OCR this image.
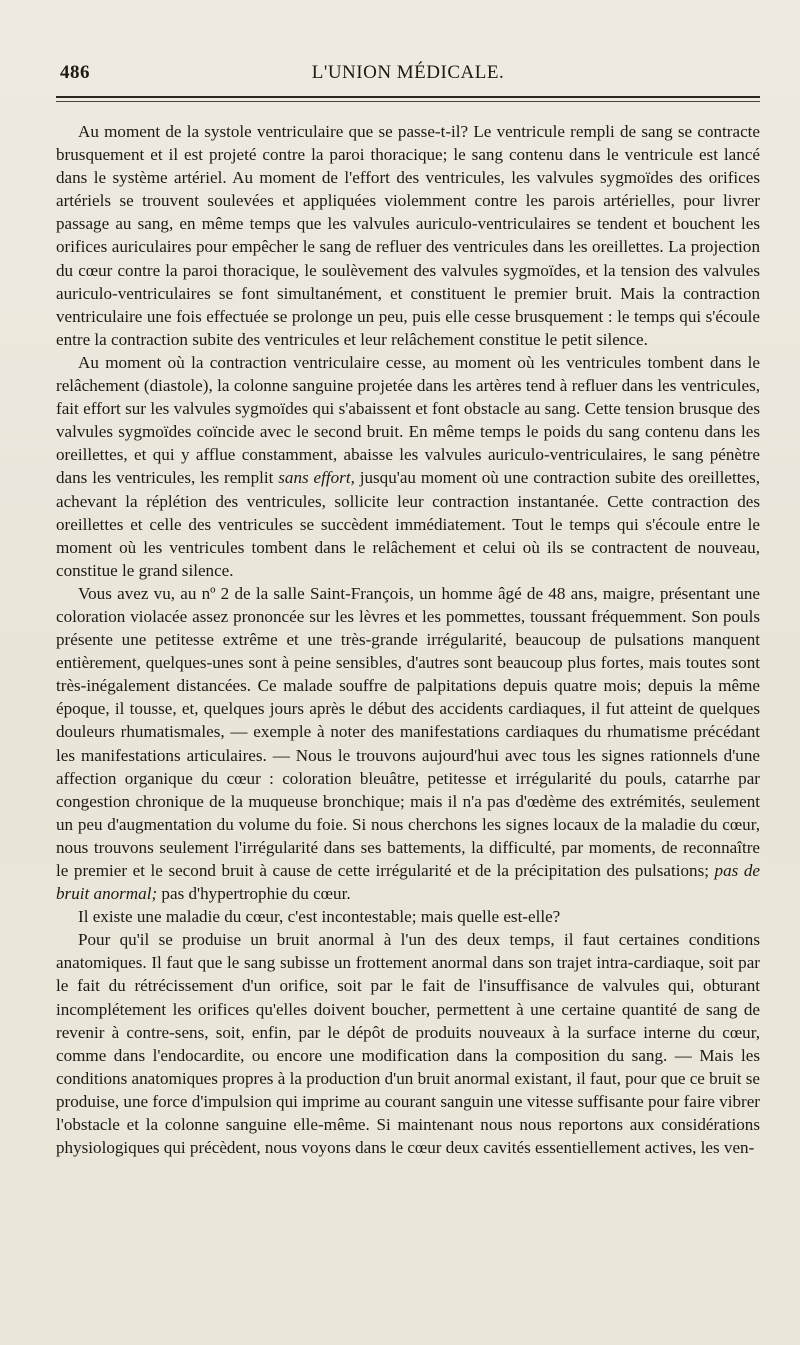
486	L'UNION MÉDICALE.

Au moment de la systole ventriculaire que se passe-t-il? Le ventricule rempli de sang se contracte brusquement et il est projeté contre la paroi thoracique; le sang contenu dans le ventricule est lancé dans le système artériel. Au moment de l'effort des ventricules, les valvules sygmoïdes des orifices artériels se trouvent soulevées et appliquées violemment contre les parois artérielles, pour livrer passage au sang, en même temps que les valvules auriculo-ventriculaires se tendent et bouchent les orifices auriculaires pour empêcher le sang de refluer des ventricules dans les oreillettes. La projection du cœur contre la paroi thoracique, le soulèvement des valvules sygmoïdes, et la tension des valvules auriculo-ventriculaires se font simultanément, et constituent le premier bruit. Mais la contraction ventriculaire une fois effectuée se prolonge un peu, puis elle cesse brusquement : le temps qui s'écoule entre la contraction subite des ventricules et leur relâchement constitue le petit silence.

Au moment où la contraction ventriculaire cesse, au moment où les ventricules tombent dans le relâchement (diastole), la colonne sanguine projetée dans les artères tend à refluer dans les ventricules, fait effort sur les valvules sygmoïdes qui s'abaissent et font obstacle au sang. Cette tension brusque des valvules sygmoïdes coïncide avec le second bruit. En même temps le poids du sang contenu dans les oreillettes, et qui y afflue constamment, abaisse les valvules auriculo-ventriculaires, le sang pénètre dans les ventricules, les remplit sans effort, jusqu'au moment où une contraction subite des oreillettes, achevant la réplétion des ventricules, sollicite leur contraction instantanée. Cette contraction des oreillettes et celle des ventricules se succèdent immédiatement. Tout le temps qui s'écoule entre le moment où les ventricules tombent dans le relâchement et celui où ils se contractent de nouveau, constitue le grand silence.

Vous avez vu, au nº 2 de la salle Saint-François, un homme âgé de 48 ans, maigre, présentant une coloration violacée assez prononcée sur les lèvres et les pommettes, toussant fréquemment. Son pouls présente une petitesse extrême et une très-grande irrégularité, beaucoup de pulsations manquent entièrement, quelques-unes sont à peine sensibles, d'autres sont beaucoup plus fortes, mais toutes sont très-inégalement distancées. Ce malade souffre de palpitations depuis quatre mois; depuis la même époque, il tousse, et, quelques jours après le début des accidents cardiaques, il fut atteint de quelques douleurs rhumatismales, — exemple à noter des manifestations cardiaques du rhumatisme précédant les manifestations articulaires. — Nous le trouvons aujourd'hui avec tous les signes rationnels d'une affection organique du cœur : coloration bleuâtre, petitesse et irrégularité du pouls, catarrhe par congestion chronique de la muqueuse bronchique; mais il n'a pas d'œdème des extrémités, seulement un peu d'augmentation du volume du foie. Si nous cherchons les signes locaux de la maladie du cœur, nous trouvons seulement l'irrégularité dans ses battements, la difficulté, par moments, de reconnaître le premier et le second bruit à cause de cette irrégularité et de la précipitation des pulsations; pas de bruit anormal; pas d'hypertrophie du cœur.

Il existe une maladie du cœur, c'est incontestable; mais quelle est-elle?

Pour qu'il se produise un bruit anormal à l'un des deux temps, il faut certaines conditions anatomiques. Il faut que le sang subisse un frottement anormal dans son trajet intra-cardiaque, soit par le fait du rétrécissement d'un orifice, soit par le fait de l'insuffisance de valvules qui, obturant incomplétement les orifices qu'elles doivent boucher, permettent à une certaine quantité de sang de revenir à contre-sens, soit, enfin, par le dépôt de produits nouveaux à la surface interne du cœur, comme dans l'endocardite, ou encore une modification dans la composition du sang. — Mais les conditions anatomiques propres à la production d'un bruit anormal existant, il faut, pour que ce bruit se produise, une force d'impulsion qui imprime au courant sanguin une vitesse suffisante pour faire vibrer l'obstacle et la colonne sanguine elle-même. Si maintenant nous nous reportons aux considérations physiologiques qui précèdent, nous voyons dans le cœur deux cavités essentiellement actives, les ven-
